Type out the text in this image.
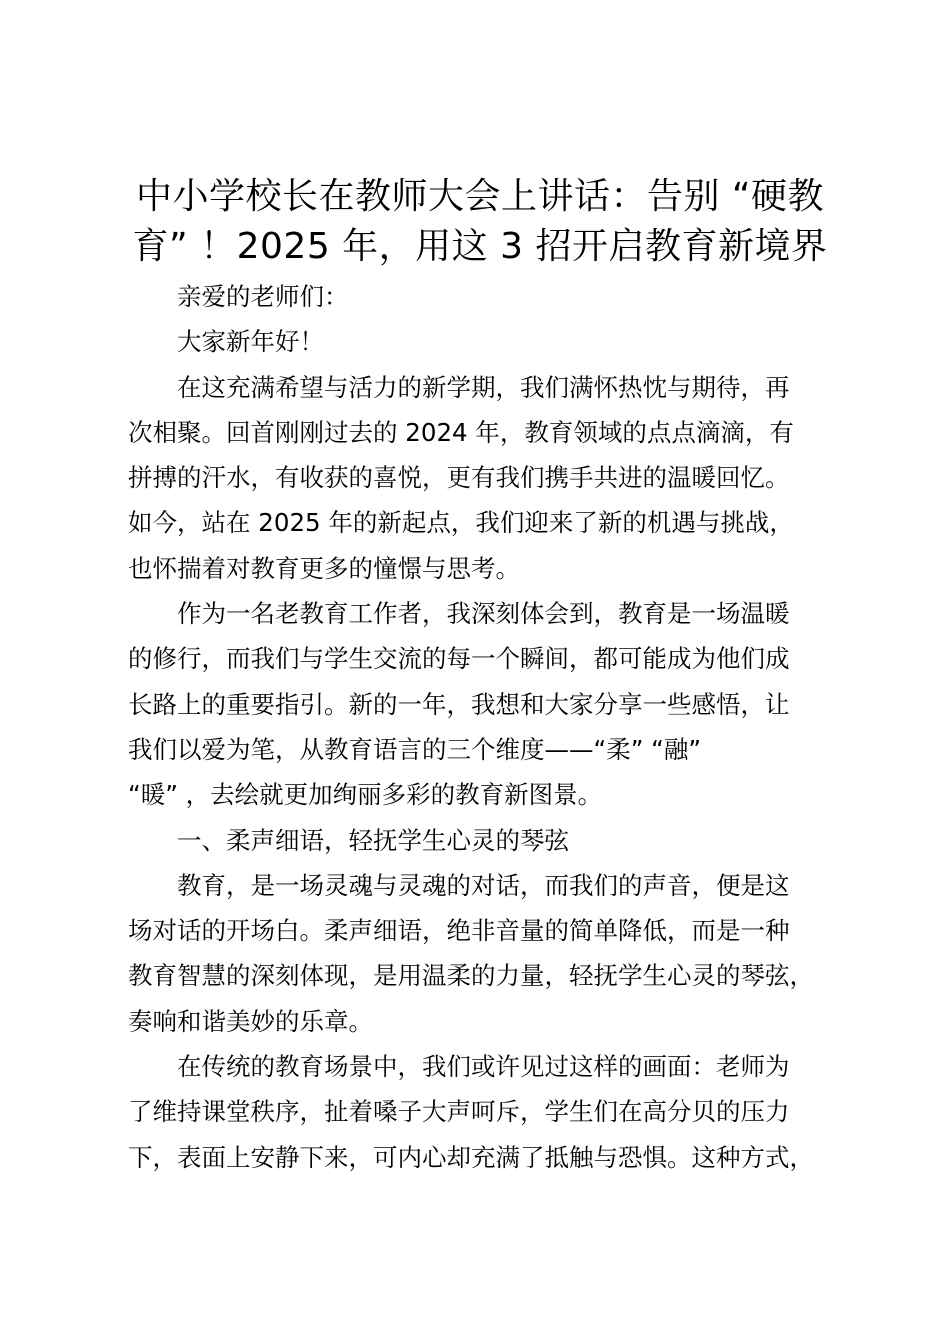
中小学校长在教师大会上讲话：告别 “硬教
育” ！2025 年，用这 3 招开启教育新境界

亲爱的老师们：

大家新年好！

在这充满希望与活力的新学期，我们满怀热忱与期待，再
次相聚。回首刚刚过去的 2024 年，教育领域的点点滴滴，有
拼搏的汗水，有收获的喜悦，更有我们携手共进的温暖回忆。
如今，站在 2025 年的新起点，我们迎来了新的机遇与挑战，
也怀揣着对教育更多的憧憬与思考。

作为一名老教育工作者，我深刻体会到，教育是一场温暖
的修行，而我们与学生交流的每一个瞬间，都可能成为他们成
长路上的重要指引。新的一年，我想和大家分享一些感悟，让
我们以爱为笔，从教育语言的三个维度——“柔” “融”
“暖” ，去绘就更加绚丽多彩的教育新图景。

一、柔声细语，轻抚学生心灵的琴弦

教育，是一场灵魂与灵魂的对话，而我们的声音，便是这
场对话的开场白。柔声细语，绝非音量的简单降低，而是一种
教育智慧的深刻体现，是用温柔的力量，轻抚学生心灵的琴弦，
奏响和谐美妙的乐章。

在传统的教育场景中，我们或许见过这样的画面：老师为
了维持课堂秩序，扯着嗓子大声呵斥，学生们在高分贝的压力
下，表面上安静下来，可内心却充满了抵触与恐惧。这种方式，
